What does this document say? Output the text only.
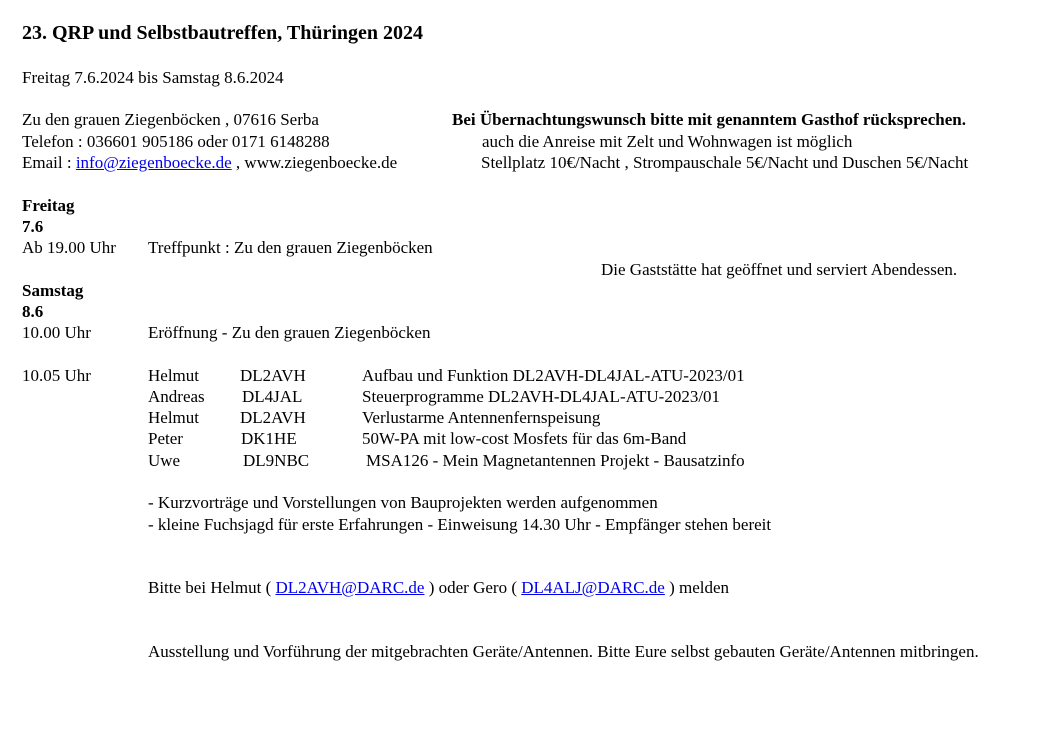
23. QRP und Selbstbautreffen, Thüringen 2024
Freitag 7.6.2024 bis Samstag 8.6.2024
Zu den grauen Ziegenböcken , 07616 Serba
Telefon : 036601 905186 oder 0171 6148288
Email : info@ziegenboecke.de , www.ziegenboecke.de
Bei Übernachtungswunsch bitte mit genanntem Gasthof rücksprechen.
auch die Anreise mit Zelt und Wohnwagen ist möglich
Stellplatz 10€/Nacht , Strompauschale 5€/Nacht und Duschen 5€/Nacht
Freitag
7.6
Ab 19.00 Uhr Treffpunkt : Zu den grauen Ziegenböcken
Die Gaststätte hat geöffnet und serviert Abendessen.
Samstag
8.6
10.00 Uhr	Eröffnung - Zu den grauen Ziegenböcken
10.05 Uhr	Helmut DL2AVH	Aufbau und Funktion DL2AVH-DL4JAL-ATU-2023/01
Andreas DL4JAL	Steuerprogramme DL2AVH-DL4JAL-ATU-2023/01
Helmut DL2AVH	Verlustarme Antennenfernspeisung
Peter	DK1HE	50W-PA mit low-cost Mosfets für das 6m-Band
Uwe	DL9NBC	MSA126 - Mein Magnetantennen Projekt - Bausatzinfo
- Kurzvorträge und Vorstellungen von Bauprojekten werden aufgenommen
- kleine Fuchsjagd für erste Erfahrungen - Einweisung 14.30 Uhr - Empfänger stehen bereit
Bitte bei Helmut ( DL2AVH@DARC.de ) oder Gero ( DL4ALJ@DARC.de ) melden
Ausstellung und Vorführung der mitgebrachten Geräte/Antennen. Bitte Eure selbst gebauten Geräte/Antennen mitbringen.
